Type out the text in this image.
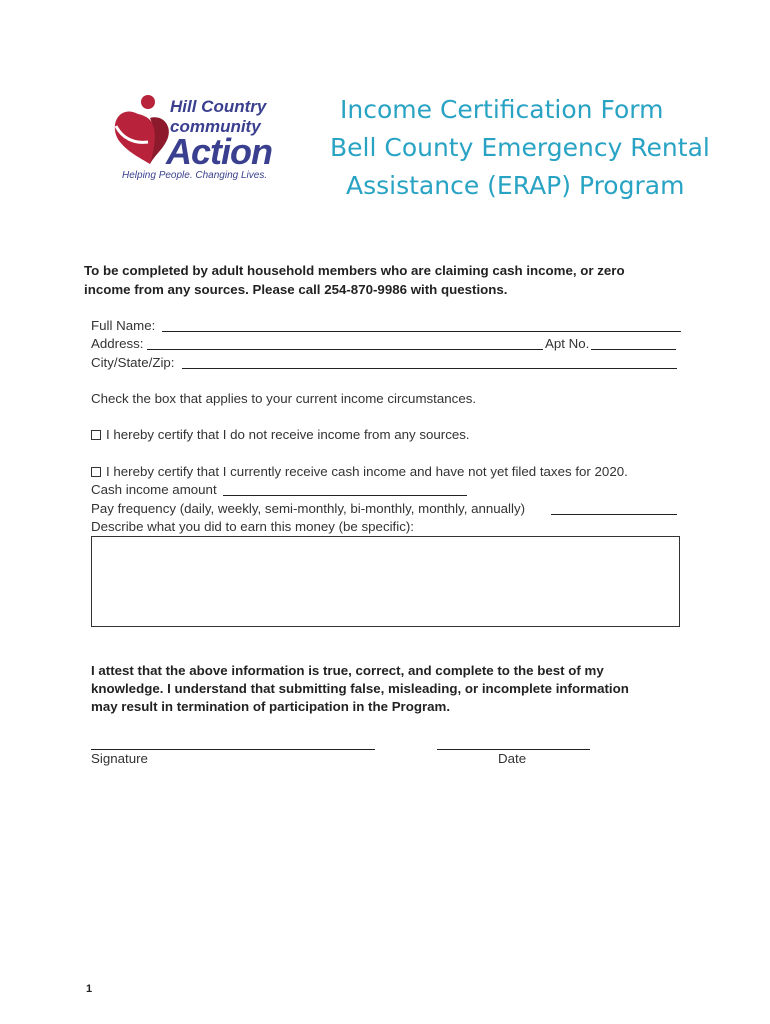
Hill Country
community
Action
Helping People. Changing Lives.
Income Certification Form
Bell County Emergency Rental
Assistance (ERAP) Program
To be completed by adult household members who are claiming cash income, or zero
income from any sources. Please call 254-870-9986 with questions.
Full Name:
Address:	Apt No.
City/State/Zip:
Check the box that applies to your current income circumstances.
I hereby certify that I do not receive income from any sources.
I hereby certify that I currently receive cash income and have not yet filed taxes for 2020.
Cash income amount
Pay frequency (daily, weekly, semi-monthly, bi-monthly, monthly, annually)
Describe what you did to earn this money (be specific):
I attest that the above information is true, correct, and complete to the best of my
knowledge. I understand that submitting false, misleading, or incomplete information
may result in termination of participation in the Program.
Signature	Date
1
